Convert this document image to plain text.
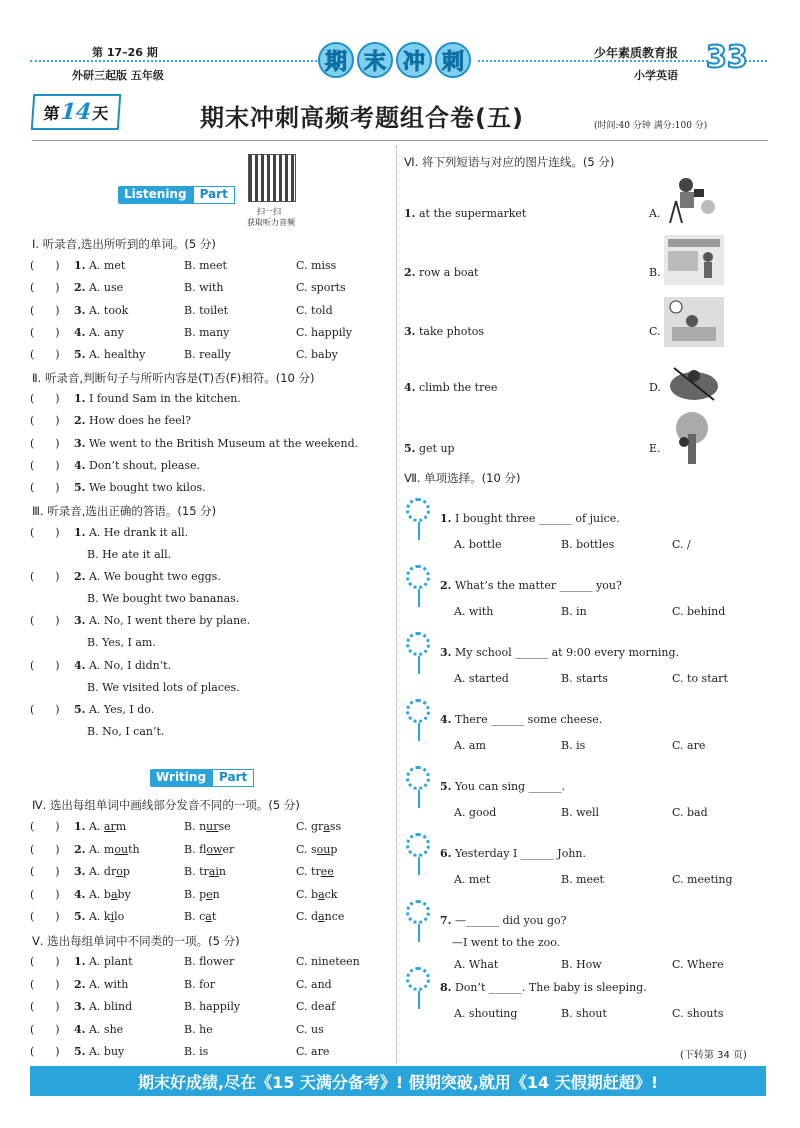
第 17–26 期
外研三起版 五年级
期 末 冲 刺	少年素质教育报
小学英语
33
第 14 天	期末冲刺高频考题组合卷(五)	(时间:40 分钟 满分:100 分)
扫一扫
获取听力音频
Listening	Part
Ⅰ. 听录音,选出所听到的单词。(5 分)
(      ) 1. A. met	B. meet	C. miss
(      ) 2. A. use	B. with	C. sports
(      ) 3. A. took	B. toilet	C. told
(      ) 4. A. any	B. many	C. happily
(      ) 5. A. healthy	B. really	C. baby
Ⅱ. 听录音,判断句子与所听内容是(T)否(F)相符。(10 分)
(      ) 1. I found Sam in the kitchen.
(      ) 2. How does he feel?
(      ) 3. We went to the British Museum at the weekend.
(      ) 4. Don’t shout, please.
(      ) 5. We bought two kilos.
Ⅲ. 听录音,选出正确的答语。(15 分)
(      ) 1. A. He drank it all.
B. He ate it all.
(      ) 2. A. We bought two eggs.
B. We bought two bananas.
(      ) 3. A. No, I went there by plane.
B. Yes, I am.
(      ) 4. A. No, I didn’t.
B. We visited lots of places.
(      ) 5. A. Yes, I do.
B. No, I can’t.
Writing	Part
Ⅳ. 选出每组单词中画线部分发音不同的一项。(5 分)
(      ) 1. A. arm	B. nurse	C. grass
(      ) 2. A. mouth	B. flower	C. soup
(      ) 3. A. drop	B. train	C. tree
(      ) 4. A. baby	B. pen	C. back
(      ) 5. A. kilo	B. cat	C. dance
Ⅴ. 选出每组单词中不同类的一项。(5 分)
(      ) 1. A. plant	B. flower	C. nineteen
(      ) 2. A. with	B. for	C. and
(      ) 3. A. blind	B. happily	C. deaf
(      ) 4. A. she	B. he	C. us
(      ) 5. A. buy	B. is	C. are
Ⅵ. 将下列短语与对应的图片连线。(5 分)
1. at the supermarket	A.
2. row a boat	B.
3. take photos	C.
4. climb the tree	D.
5. get up	E.
Ⅶ. 单项选择。(10 分)
1. I bought three ______ of juice.
A. bottle	B. bottles	C. /
2. What’s the matter ______ you?
A. with	B. in	C. behind
3. My school ______ at 9:00 every morning.
A. started	B. starts	C. to start
4. There ______ some cheese.
A. am	B. is	C. are
5. You can sing ______.
A. good	B. well	C. bad
6. Yesterday I ______ John.
A. met	B. meet	C. meeting
7. —______ did you go?
—I went to the zoo.
A. What	B. How	C. Where
8. Don’t ______. The baby is sleeping.
A. shouting	B. shout	C. shouts
(下转第 34 页)
期末好成绩,尽在《15 天满分备考》! 假期突破,就用《14 天假期赶超》!
